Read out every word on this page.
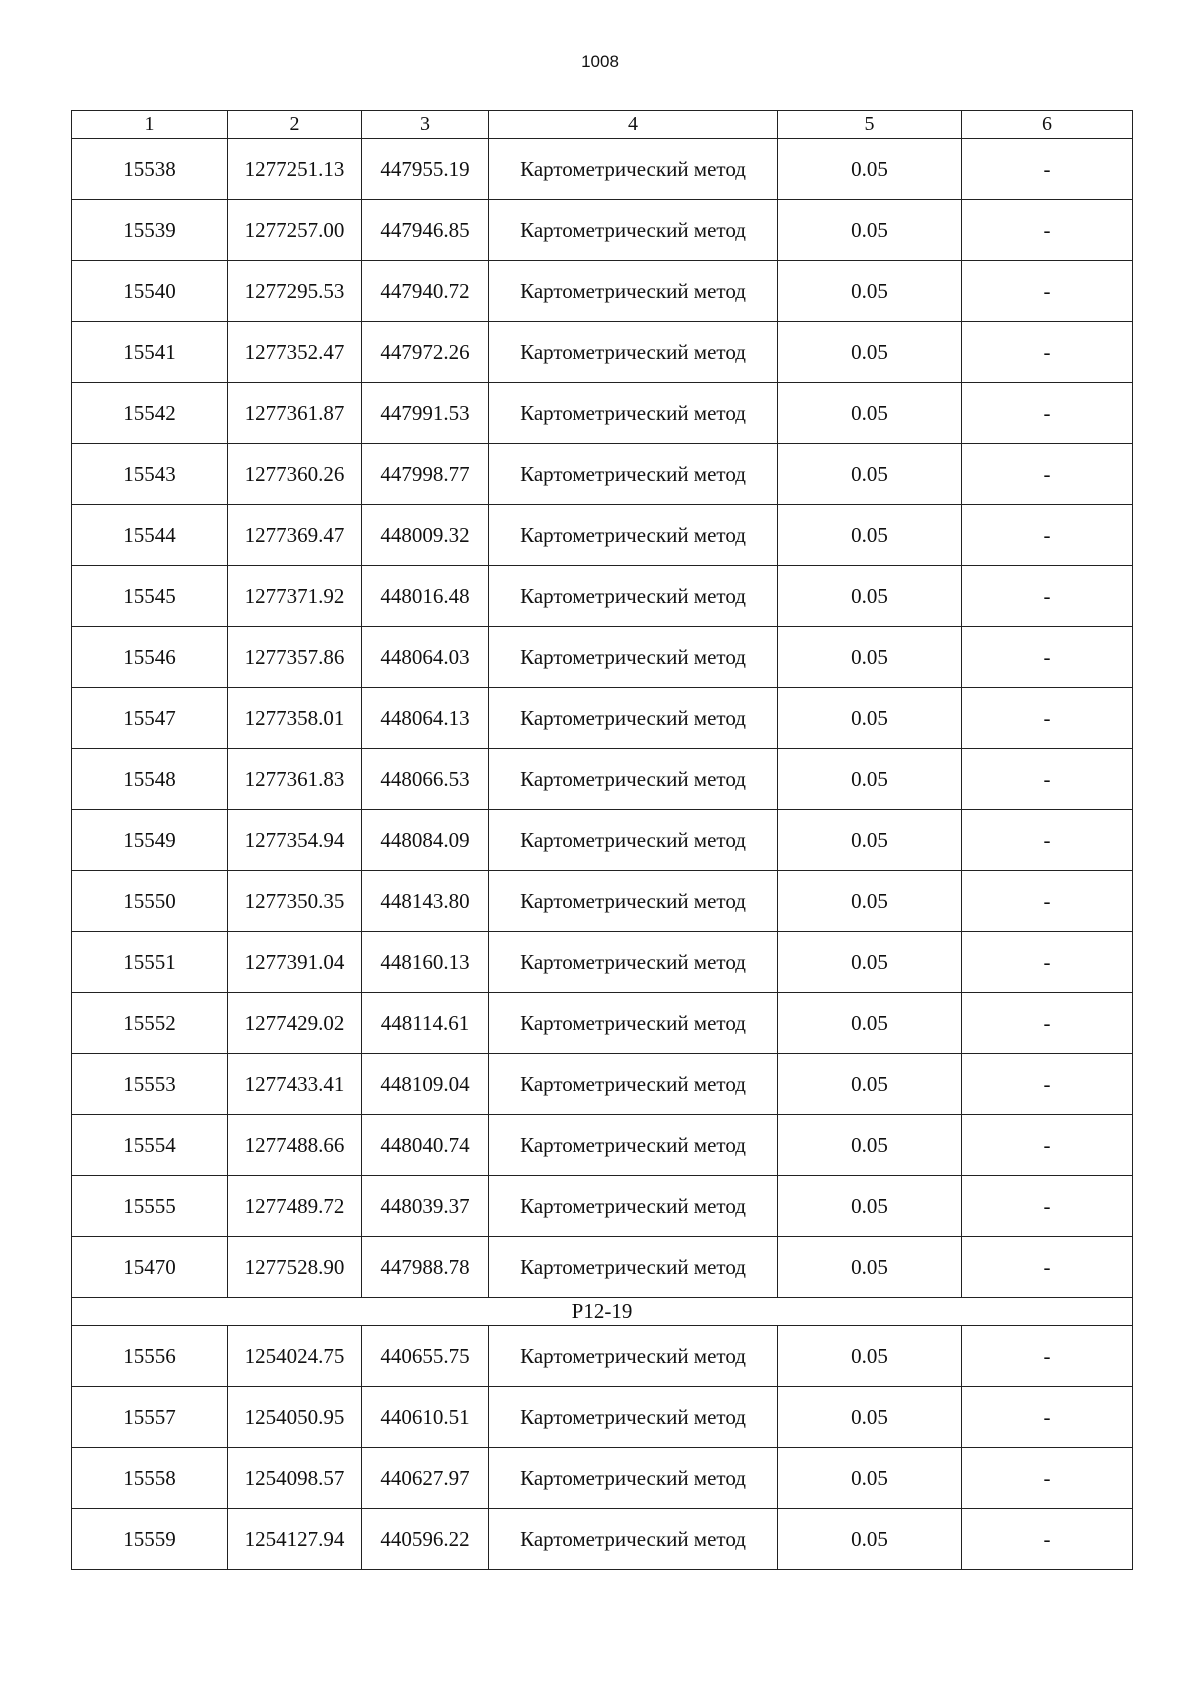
1008
1	2	3	4	5	6
15538	1277251.13	447955.19	Картометрический метод	0.05	-
15539	1277257.00	447946.85	Картометрический метод	0.05	-
15540	1277295.53	447940.72	Картометрический метод	0.05	-
15541	1277352.47	447972.26	Картометрический метод	0.05	-
15542	1277361.87	447991.53	Картометрический метод	0.05	-
15543	1277360.26	447998.77	Картометрический метод	0.05	-
15544	1277369.47	448009.32	Картометрический метод	0.05	-
15545	1277371.92	448016.48	Картометрический метод	0.05	-
15546	1277357.86	448064.03	Картометрический метод	0.05	-
15547	1277358.01	448064.13	Картометрический метод	0.05	-
15548	1277361.83	448066.53	Картометрический метод	0.05	-
15549	1277354.94	448084.09	Картометрический метод	0.05	-
15550	1277350.35	448143.80	Картометрический метод	0.05	-
15551	1277391.04	448160.13	Картометрический метод	0.05	-
15552	1277429.02	448114.61	Картометрический метод	0.05	-
15553	1277433.41	448109.04	Картометрический метод	0.05	-
15554	1277488.66	448040.74	Картометрический метод	0.05	-
15555	1277489.72	448039.37	Картометрический метод	0.05	-
15470	1277528.90	447988.78	Картометрический метод	0.05	-
Р12-19					
15556	1254024.75	440655.75	Картометрический метод	0.05	-
15557	1254050.95	440610.51	Картометрический метод	0.05	-
15558	1254098.57	440627.97	Картометрический метод	0.05	-
15559	1254127.94	440596.22	Картометрический метод	0.05	-
